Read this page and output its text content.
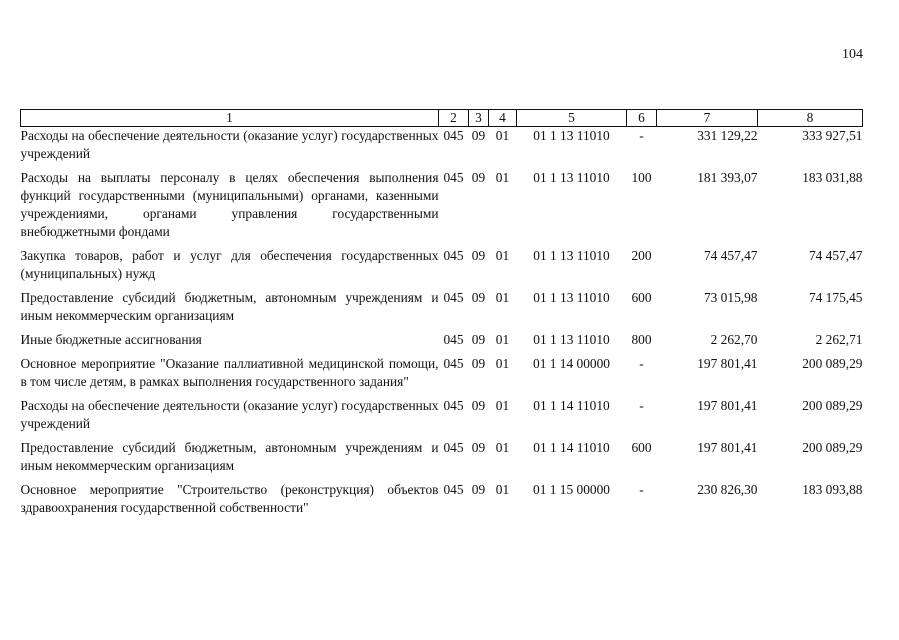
104
1	2	3	4	5	6	7	8
Расходы на обеспечение деятельности (оказание услуг) государственных учреждений	045	09	01	01 1 13 11010	-	331 129,22	333 927,51
Расходы на выплаты персоналу в целях обеспечения выполнения функций государственными (муниципальными) органами, казенными учреждениями, органами управления государственными внебюджетными фондами	045	09	01	01 1 13 11010	100	181 393,07	183 031,88
Закупка товаров, работ и услуг для обеспечения государственных (муниципальных) нужд	045	09	01	01 1 13 11010	200	74 457,47	74 457,47
Предоставление субсидий бюджетным, автономным учреждениям и иным некоммерческим организациям	045	09	01	01 1 13 11010	600	73 015,98	74 175,45
Иные бюджетные ассигнования	045	09	01	01 1 13 11010	800	2 262,70	2 262,71
Основное мероприятие "Оказание паллиативной медицинской помощи, в том числе детям, в рамках выполнения государственного задания"	045	09	01	01 1 14 00000	-	197 801,41	200 089,29
Расходы на обеспечение деятельности (оказание услуг) государственных учреждений	045	09	01	01 1 14 11010	-	197 801,41	200 089,29
Предоставление субсидий бюджетным, автономным учреждениям и иным некоммерческим организациям	045	09	01	01 1 14 11010	600	197 801,41	200 089,29
Основное мероприятие "Строительство (реконструкция) объектов здравоохранения государственной собственности"	045	09	01	01 1 15 00000	-	230 826,30	183 093,88
